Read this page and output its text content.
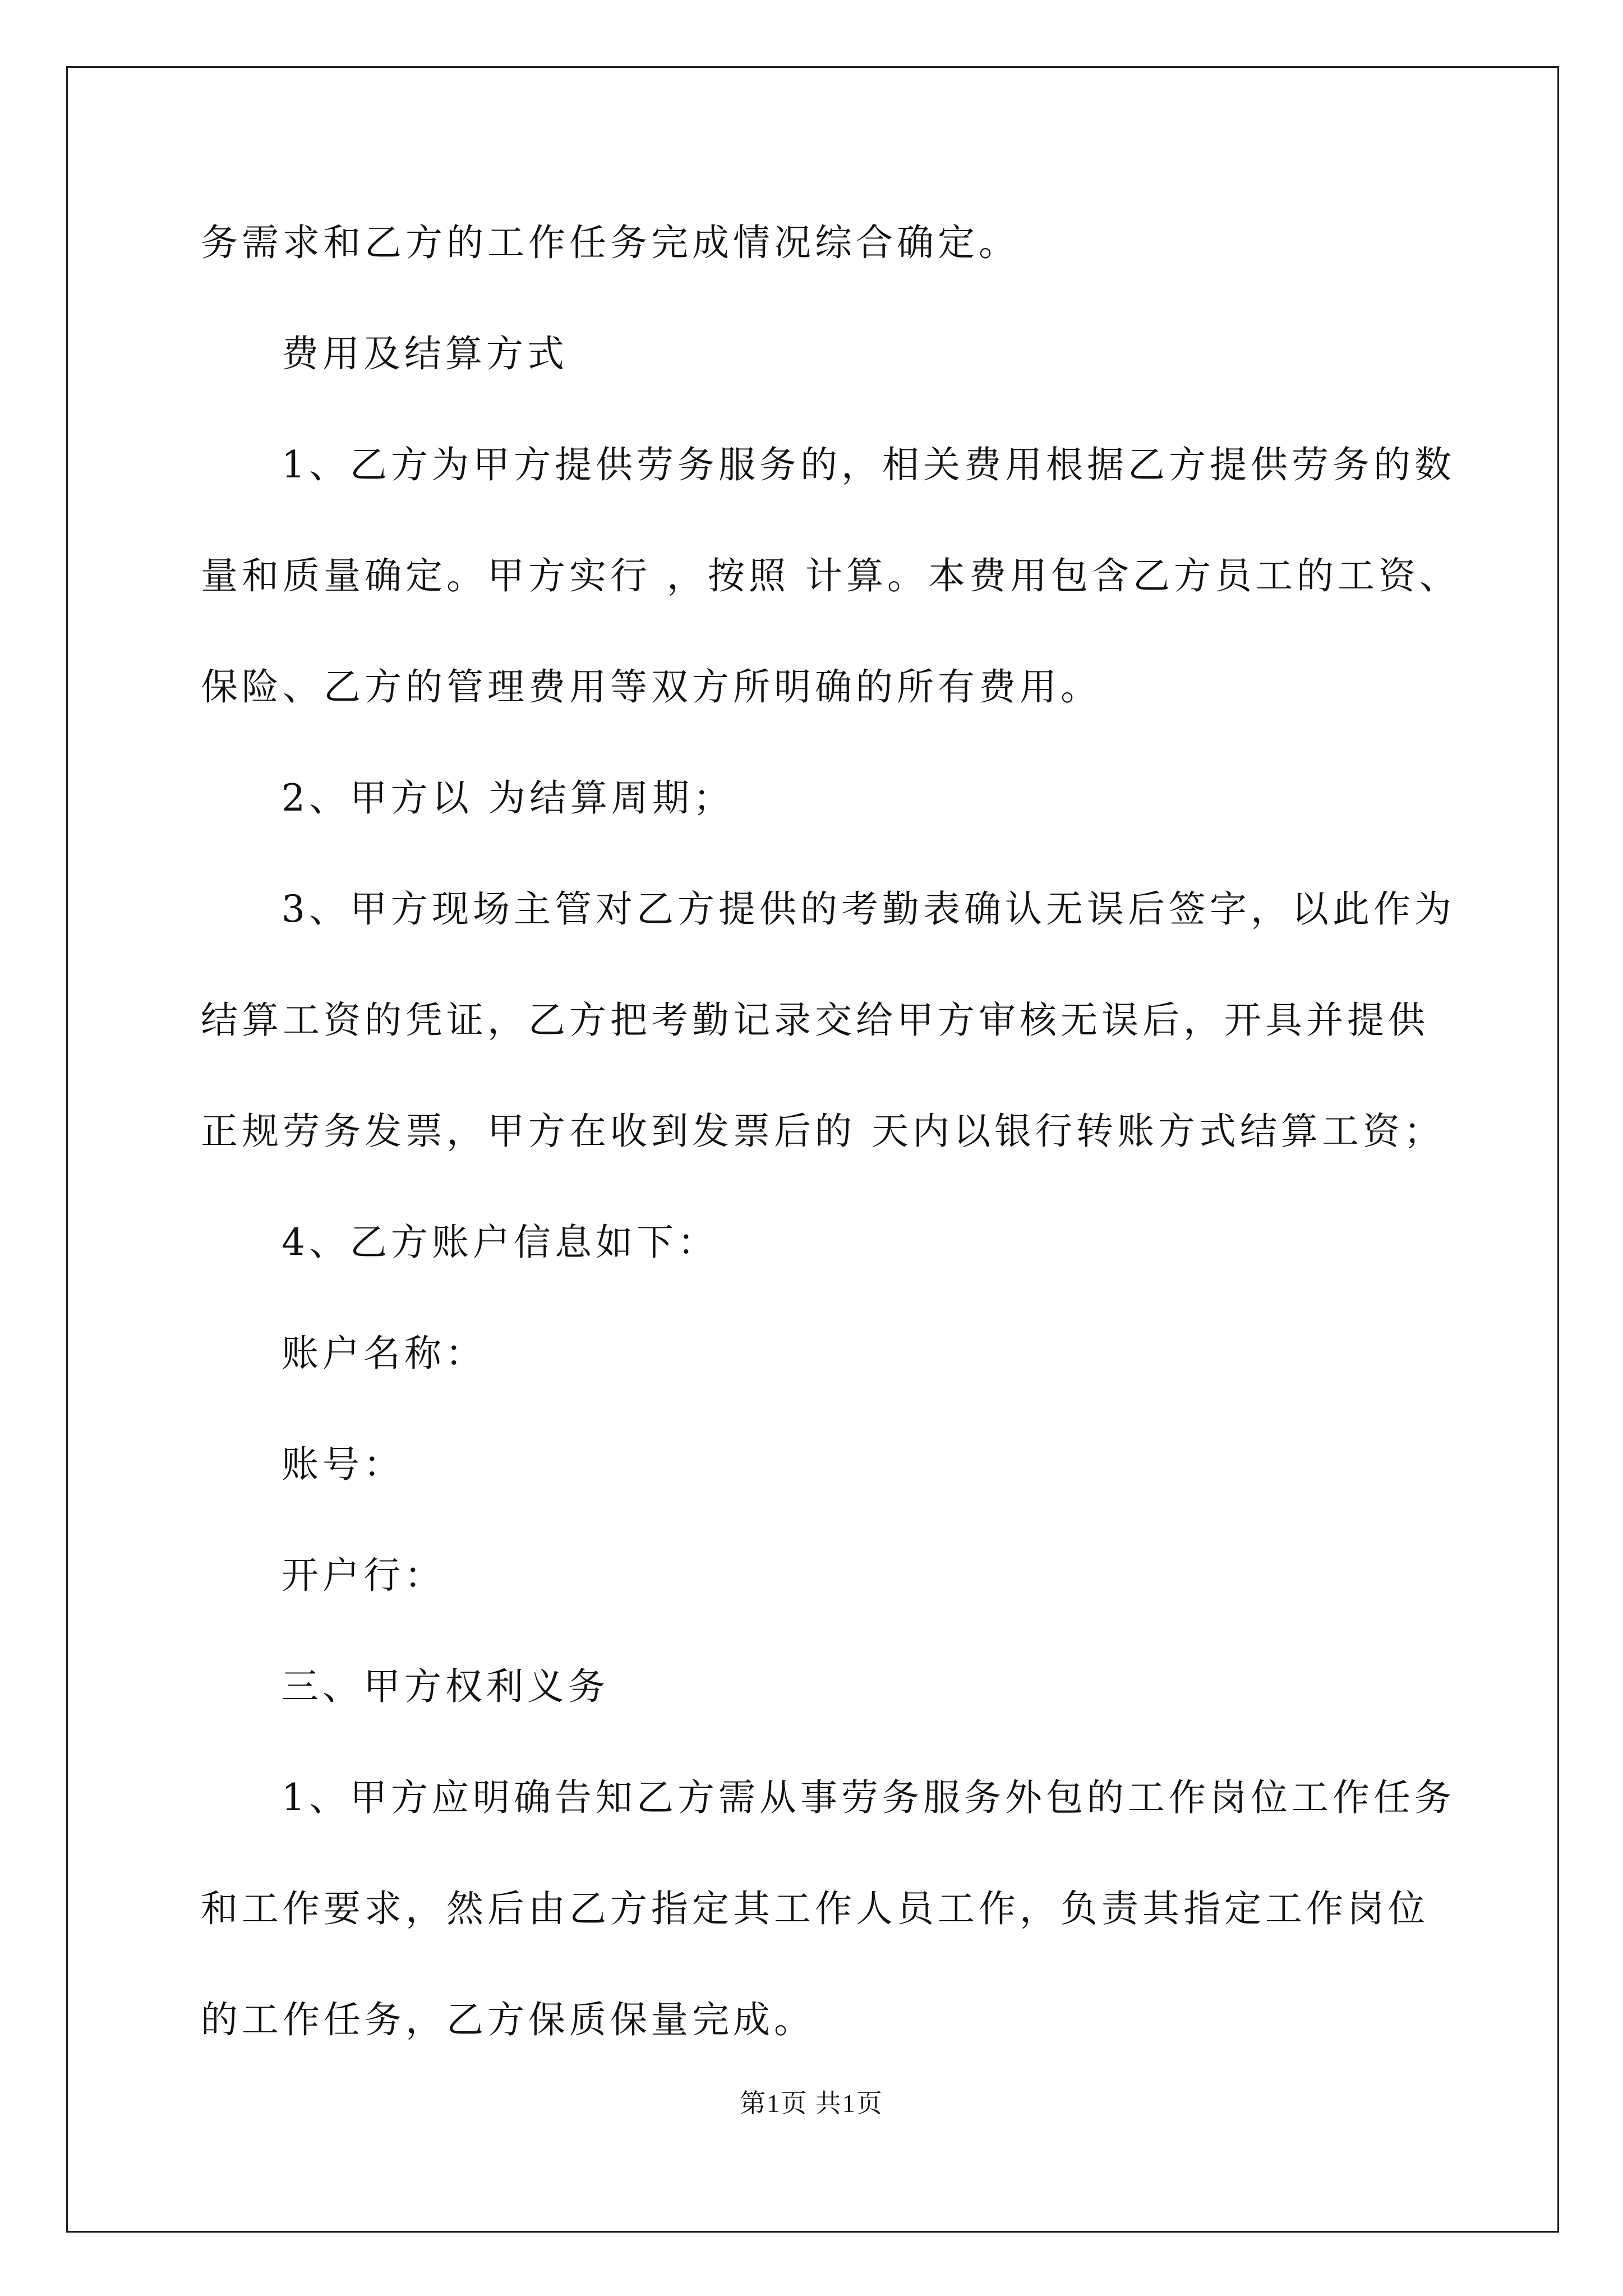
务需求和乙方的工作任务完成情况综合确定。
费用及结算方式
1、乙方为甲方提供劳务服务的，相关费用根据乙方提供劳务的数
量和质量确定。甲方实行 ，按照 计算。本费用包含乙方员工的工资、
保险、乙方的管理费用等双方所明确的所有费用。
2、甲方以 为结算周期；
3、甲方现场主管对乙方提供的考勤表确认无误后签字，以此作为
结算工资的凭证，乙方把考勤记录交给甲方审核无误后，开具并提供
正规劳务发票，甲方在收到发票后的 天内以银行转账方式结算工资；
4、乙方账户信息如下：
账户名称：
账号：
开户行：
三、甲方权利义务
1、甲方应明确告知乙方需从事劳务服务外包的工作岗位工作任务
和工作要求，然后由乙方指定其工作人员工作，负责其指定工作岗位
的工作任务，乙方保质保量完成。
第1页 共1页
